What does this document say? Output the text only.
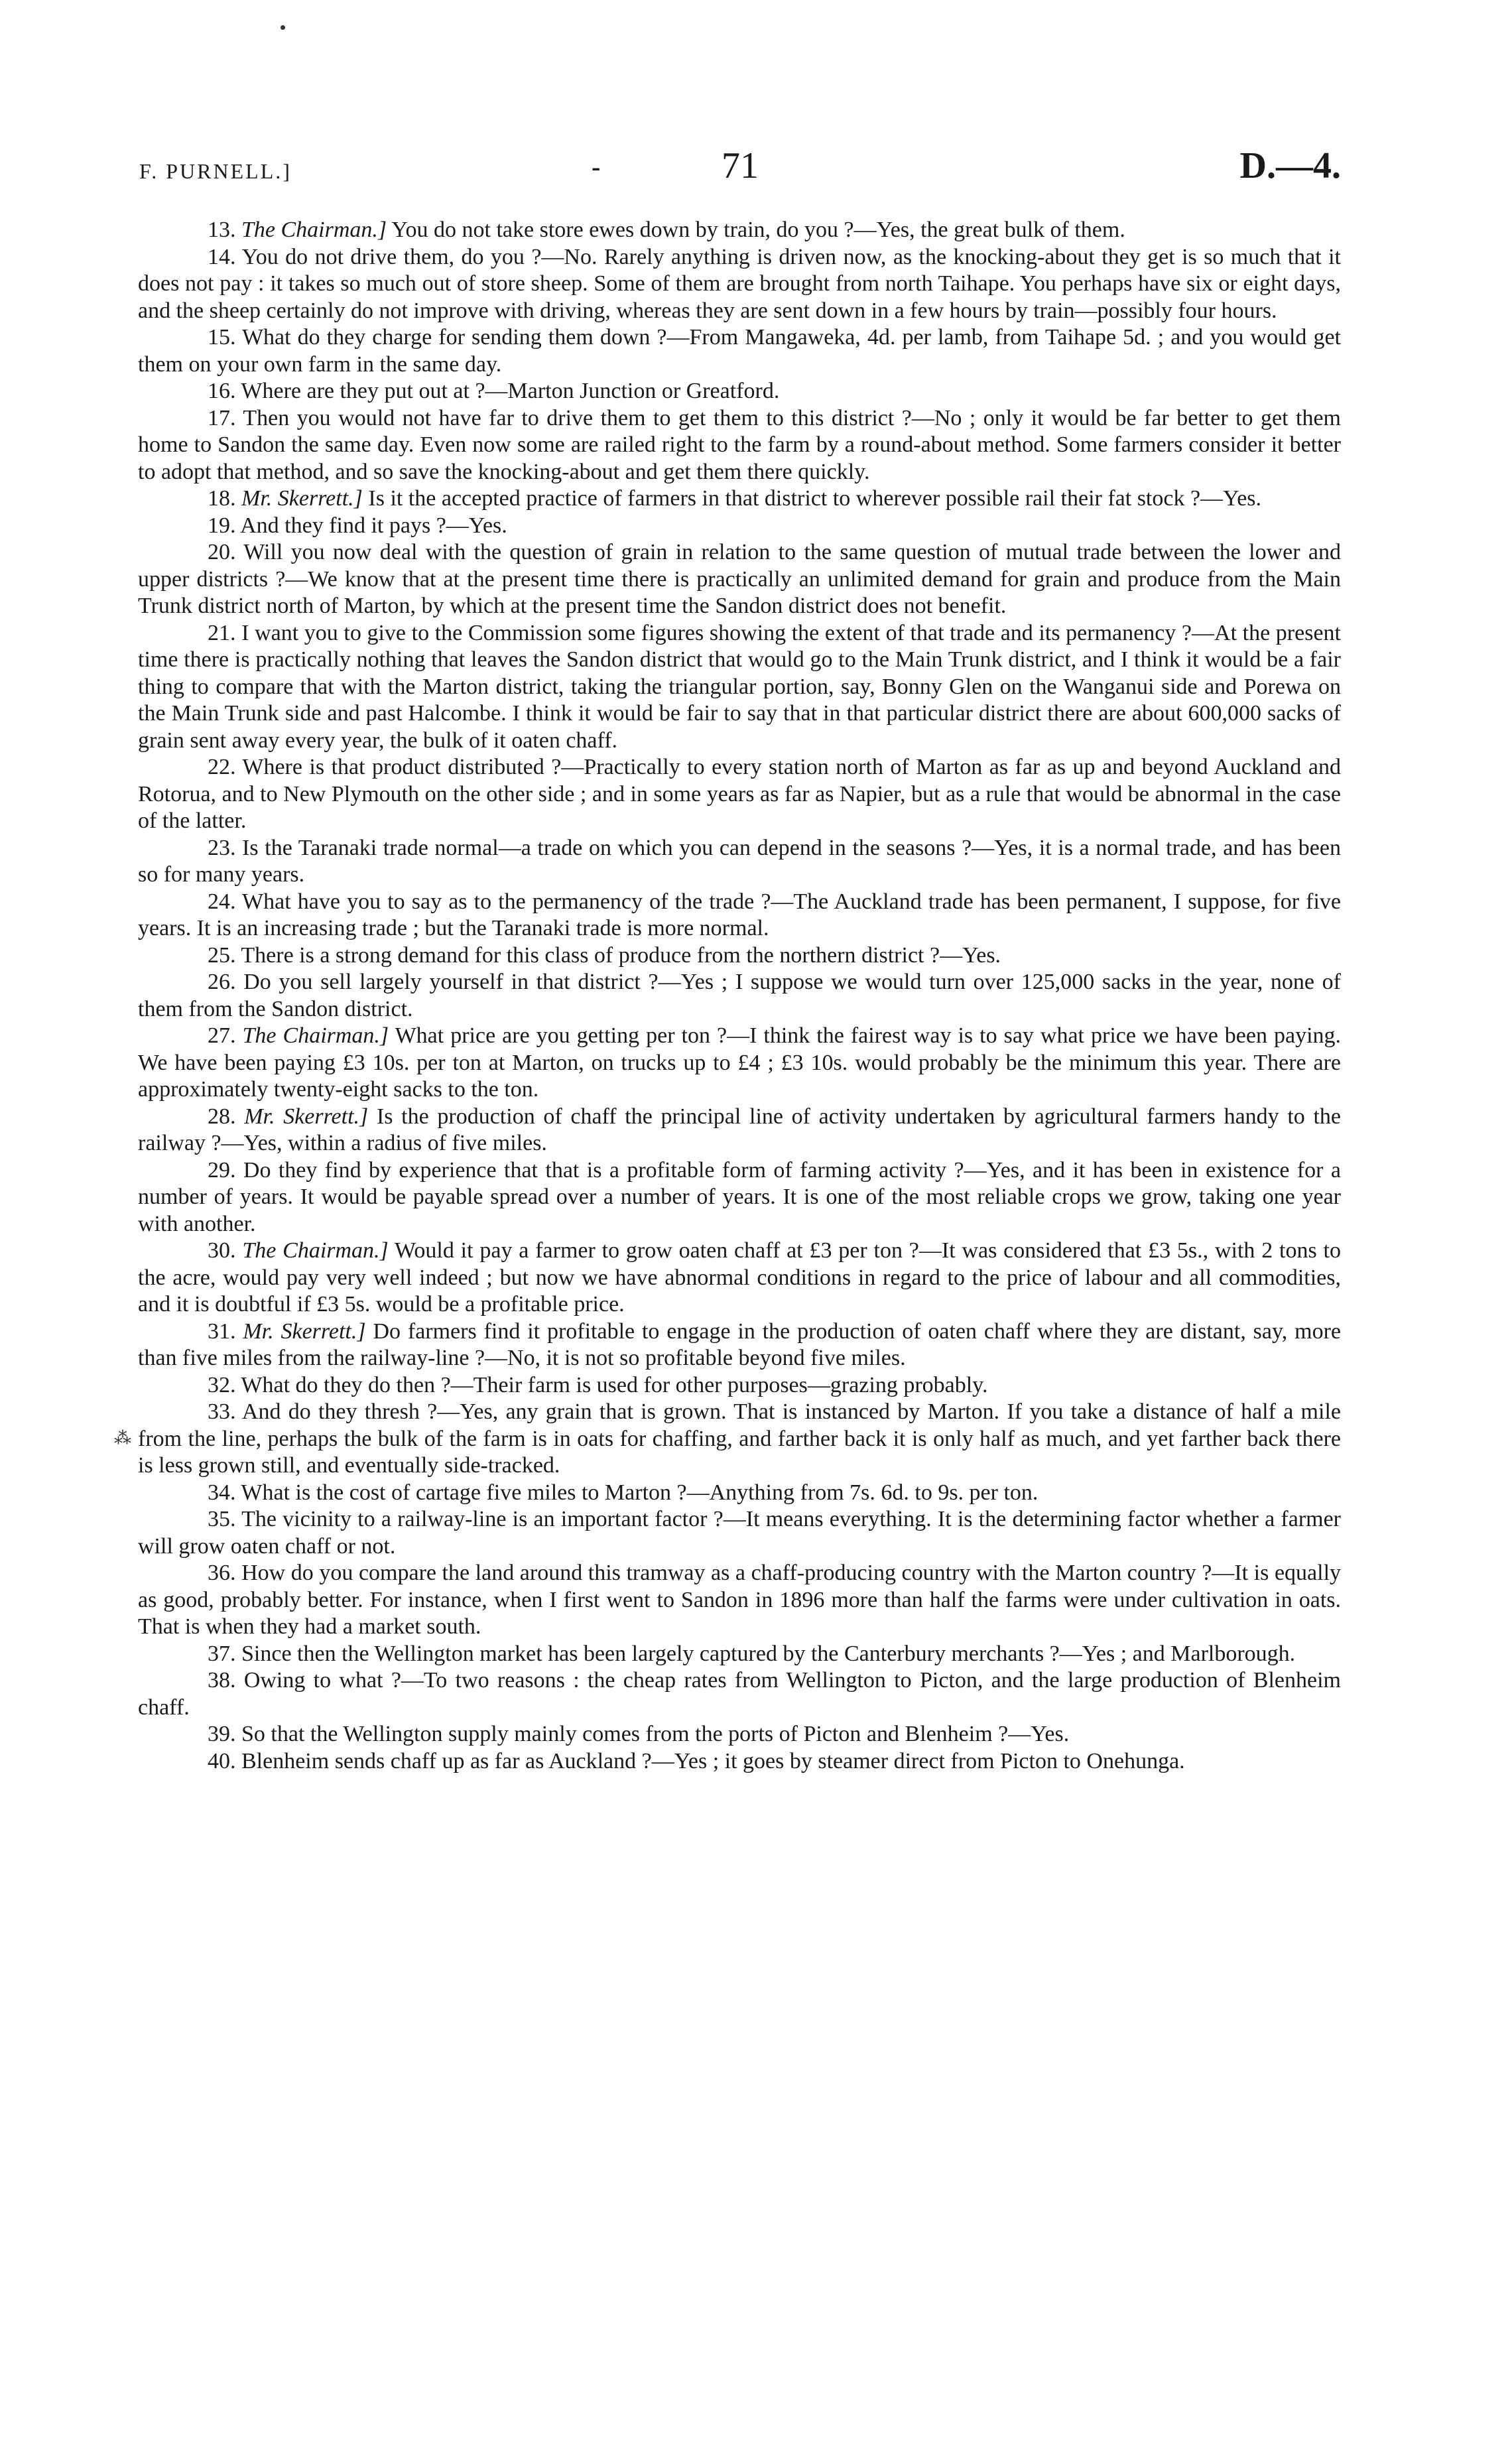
F. PURNELL.]	-	71	D.—4.
⁂

13. The Chairman.] You do not take store ewes down by train, do you ?—Yes, the great bulk of them.

14. You do not drive them, do you ?—No. Rarely anything is driven now, as the knocking-about they get is so much that it does not pay : it takes so much out of store sheep. Some of them are brought from north Taihape. You perhaps have six or eight days, and the sheep certainly do not improve with driving, whereas they are sent down in a few hours by train—possibly four hours.

15. What do they charge for sending them down ?—From Mangaweka, 4d. per lamb, from Taihape 5d. ; and you would get them on your own farm in the same day.

16. Where are they put out at ?—Marton Junction or Greatford.

17. Then you would not have far to drive them to get them to this district ?—No ; only it would be far better to get them home to Sandon the same day. Even now some are railed right to the farm by a round-about method. Some farmers consider it better to adopt that method, and so save the knocking-about and get them there quickly.

18. Mr. Skerrett.] Is it the accepted practice of farmers in that district to wherever possible rail their fat stock ?—Yes.

19. And they find it pays ?—Yes.

20. Will you now deal with the question of grain in relation to the same question of mutual trade between the lower and upper districts ?—We know that at the present time there is practically an unlimited demand for grain and produce from the Main Trunk district north of Marton, by which at the present time the Sandon district does not benefit.

21. I want you to give to the Commission some figures showing the extent of that trade and its permanency ?—At the present time there is practically nothing that leaves the Sandon district that would go to the Main Trunk district, and I think it would be a fair thing to compare that with the Marton district, taking the triangular portion, say, Bonny Glen on the Wanganui side and Porewa on the Main Trunk side and past Halcombe. I think it would be fair to say that in that particular district there are about 600,000 sacks of grain sent away every year, the bulk of it oaten chaff.

22. Where is that product distributed ?—Practically to every station north of Marton as far as up and beyond Auckland and Rotorua, and to New Plymouth on the other side ; and in some years as far as Napier, but as a rule that would be abnormal in the case of the latter.

23. Is the Taranaki trade normal—a trade on which you can depend in the seasons ?—Yes, it is a normal trade, and has been so for many years.

24. What have you to say as to the permanency of the trade ?—The Auckland trade has been permanent, I suppose, for five years. It is an increasing trade ; but the Taranaki trade is more normal.

25. There is a strong demand for this class of produce from the northern district ?—Yes.

26. Do you sell largely yourself in that district ?—Yes ; I suppose we would turn over 125,000 sacks in the year, none of them from the Sandon district.

27. The Chairman.] What price are you getting per ton ?—I think the fairest way is to say what price we have been paying. We have been paying £3 10s. per ton at Marton, on trucks up to £4 ; £3 10s. would probably be the minimum this year. There are approximately twenty-eight sacks to the ton.

28. Mr. Skerrett.] Is the production of chaff the principal line of activity undertaken by agricultural farmers handy to the railway ?—Yes, within a radius of five miles.

29. Do they find by experience that that is a profitable form of farming activity ?—Yes, and it has been in existence for a number of years. It would be payable spread over a number of years. It is one of the most reliable crops we grow, taking one year with another.

30. The Chairman.] Would it pay a farmer to grow oaten chaff at £3 per ton ?—It was considered that £3 5s., with 2 tons to the acre, would pay very well indeed ; but now we have abnormal conditions in regard to the price of labour and all commodities, and it is doubtful if £3 5s. would be a profitable price.

31. Mr. Skerrett.] Do farmers find it profitable to engage in the production of oaten chaff where they are distant, say, more than five miles from the railway-line ?—No, it is not so profitable beyond five miles.

32. What do they do then ?—Their farm is used for other purposes—grazing probably.

33. And do they thresh ?—Yes, any grain that is grown. That is instanced by Marton. If you take a distance of half a mile from the line, perhaps the bulk of the farm is in oats for chaffing, and farther back it is only half as much, and yet farther back there is less grown still, and eventually side-tracked.

34. What is the cost of cartage five miles to Marton ?—Anything from 7s. 6d. to 9s. per ton.

35. The vicinity to a railway-line is an important factor ?—It means everything. It is the determining factor whether a farmer will grow oaten chaff or not.

36. How do you compare the land around this tramway as a chaff-producing country with the Marton country ?—It is equally as good, probably better. For instance, when I first went to Sandon in 1896 more than half the farms were under cultivation in oats. That is when they had a market south.

37. Since then the Wellington market has been largely captured by the Canterbury merchants ?—Yes ; and Marlborough.

38. Owing to what ?—To two reasons : the cheap rates from Wellington to Picton, and the large production of Blenheim chaff.

39. So that the Wellington supply mainly comes from the ports of Picton and Blenheim ?—Yes.

40. Blenheim sends chaff up as far as Auckland ?—Yes ; it goes by steamer direct from Picton to Onehunga.
